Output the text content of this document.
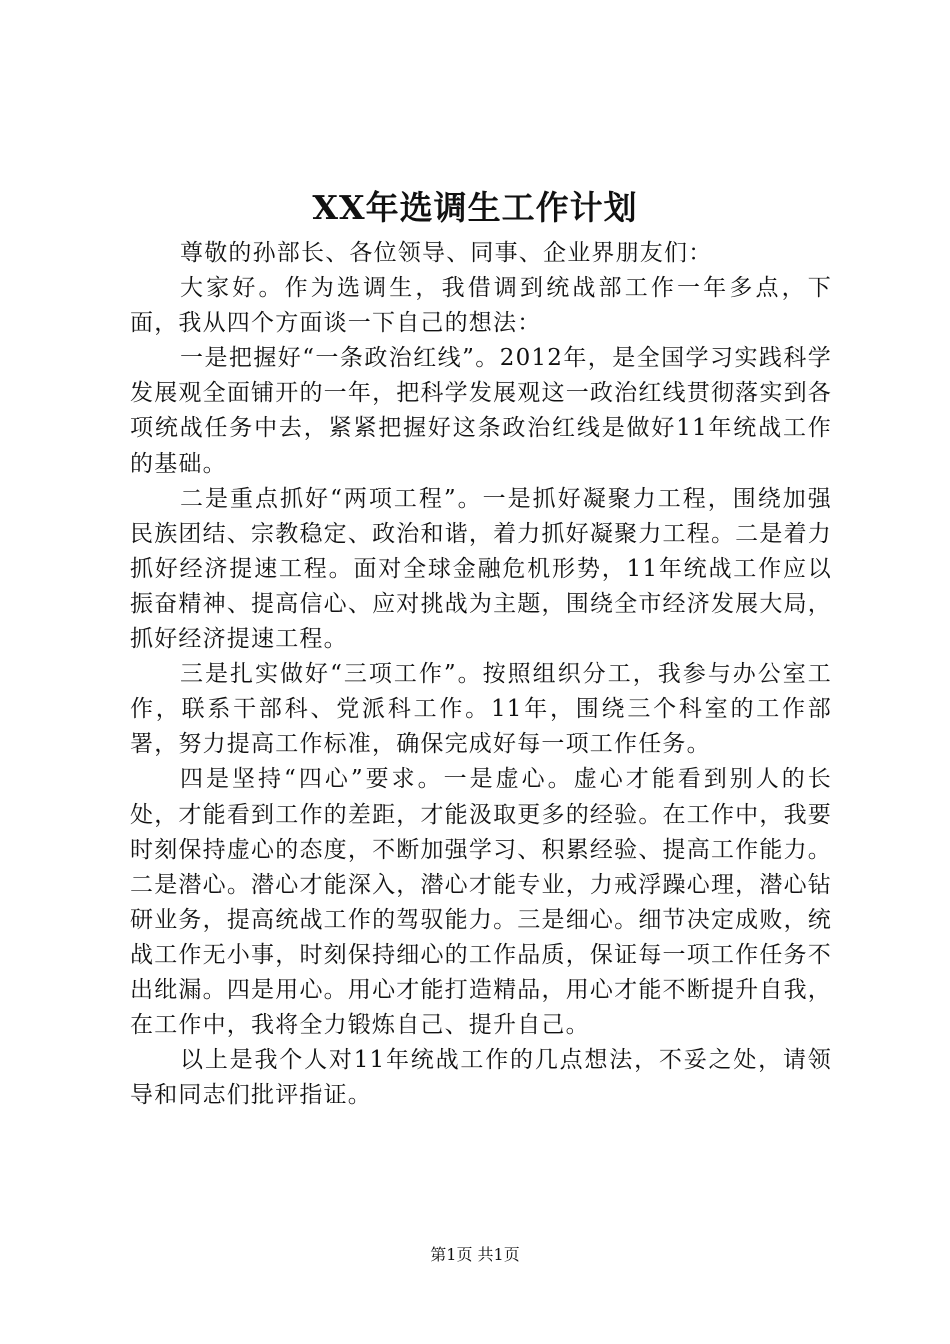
XX年选调生工作计划

尊敬的孙部长、各位领导、同事、企业界朋友们：

大家好。作为选调生，我借调到统战部工作一年多点，下面，我从四个方面谈一下自己的想法：

一是把握好“一条政治红线”。2012年，是全国学习实践科学发展观全面铺开的一年，把科学发展观这一政治红线贯彻落实到各项统战任务中去，紧紧把握好这条政治红线是做好11年统战工作的基础。

二是重点抓好“两项工程”。一是抓好凝聚力工程，围绕加强民族团结、宗教稳定、政治和谐，着力抓好凝聚力工程。二是着力抓好经济提速工程。面对全球金融危机形势，11年统战工作应以振奋精神、提高信心、应对挑战为主题，围绕全市经济发展大局，抓好经济提速工程。

三是扎实做好“三项工作”。按照组织分工，我参与办公室工作，联系干部科、党派科工作。11年，围绕三个科室的工作部署，努力提高工作标准，确保完成好每一项工作任务。

四是坚持“四心”要求。一是虚心。虚心才能看到别人的长处，才能看到工作的差距，才能汲取更多的经验。在工作中，我要时刻保持虚心的态度，不断加强学习、积累经验、提高工作能力。二是潜心。潜心才能深入，潜心才能专业，力戒浮躁心理，潜心钻研业务，提高统战工作的驾驭能力。三是细心。细节决定成败，统战工作无小事，时刻保持细心的工作品质，保证每一项工作任务不出纰漏。四是用心。用心才能打造精品，用心才能不断提升自我，在工作中，我将全力锻炼自己、提升自己。

以上是我个人对11年统战工作的几点想法，不妥之处，请领导和同志们批评指证。

第1页 共1页
